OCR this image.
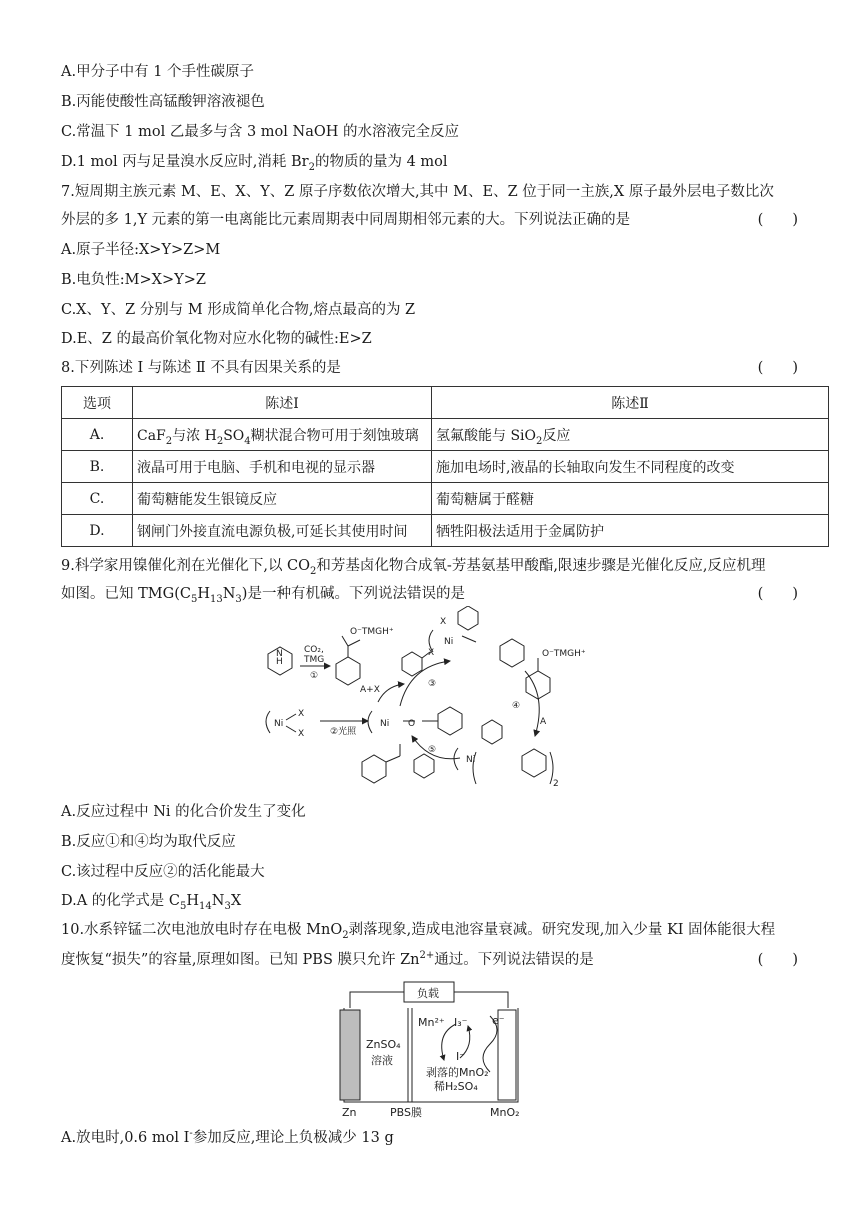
A.甲分子中有 1 个手性碳原子
B.丙能使酸性高锰酸钾溶液褪色
C.常温下 1 mol 乙最多与含 3 mol NaOH 的水溶液完全反应
D.1 mol 丙与足量溴水反应时,消耗 $Br_2$的物质的量为 4 mol
7.短周期主族元素 M、E、X、Y、Z 原子序数依次增大,其中 M、E、Z 位于同一主族,X 原子最外层电子数比次
外层的多 1,Y 元素的第一电离能比元素周期表中同周期相邻元素的大。下列说法正确的是	(　　)
A.原子半径:X>Y>Z>M
B.电负性:M>X>Y>Z
C.X、Y、Z 分别与 M 形成简单化合物,熔点最高的为 Z
D.E、Z 的最高价氧化物对应水化物的碱性:E>Z
8.下列陈述 Ⅰ 与陈述 Ⅱ 不具有因果关系的是	(　　)
选项	陈述Ⅰ	陈述Ⅱ
A.	CaF$_2$与浓 $H_2SO_4$糊状混合物可用于刻蚀玻璃	氢氟酸能与 SiO$_2$反应
B.	液晶可用于电脑、手机和电视的显示器	施加电场时,液晶的长轴取向发生不同程度的改变
C.	葡萄糖能发生银镜反应	葡萄糖属于醛糖
D.	钢闸门外接直流电源负极,可延长其使用时间	牺牲阳极法适用于金属防护
9.科学家用镍催化剂在光催化下,以 $CO_2$和芳基卤化物合成氧-芳基氨基甲酸酯,限速步骤是光催化反应,反应机理
如图。已知 $TMG(C_5H_{13}N_3)$是一种有机碱。下列说法错误的是	(　　)
H
N CO₂,
TMG
①
O⁻TMGH⁺
Ni
X
X	②光照
A+X
Ni O
X
③
Ni
X
O⁻TMGH⁺
④
A
⑤
Ni
2
A.反应过程中 Ni 的化合价发生了变化
B.反应①和④均为取代反应
C.该过程中反应②的活化能最大
D.A 的化学式是 $C_5H_{14}N_3X$
10.水系锌锰二次电池放电时存在电极 MnO$_2$剥落现象,造成电池容量衰减。研究发现,加入少量 KI 固体能很大程
度恢复“损失”的容量,原理如图。已知 PBS 膜只允许 $Zn^{2+}$通过。下列说法错误的是	(　　)
负载
ZnSO₄
溶液
Mn²⁺ I₃⁻
I⁻
e⁻
剥落的MnO₂
稀H₂SO₄
Zn	PBS膜	MnO₂
A.放电时,0.6 mol I-参加反应,理论上负极减少 13 g
